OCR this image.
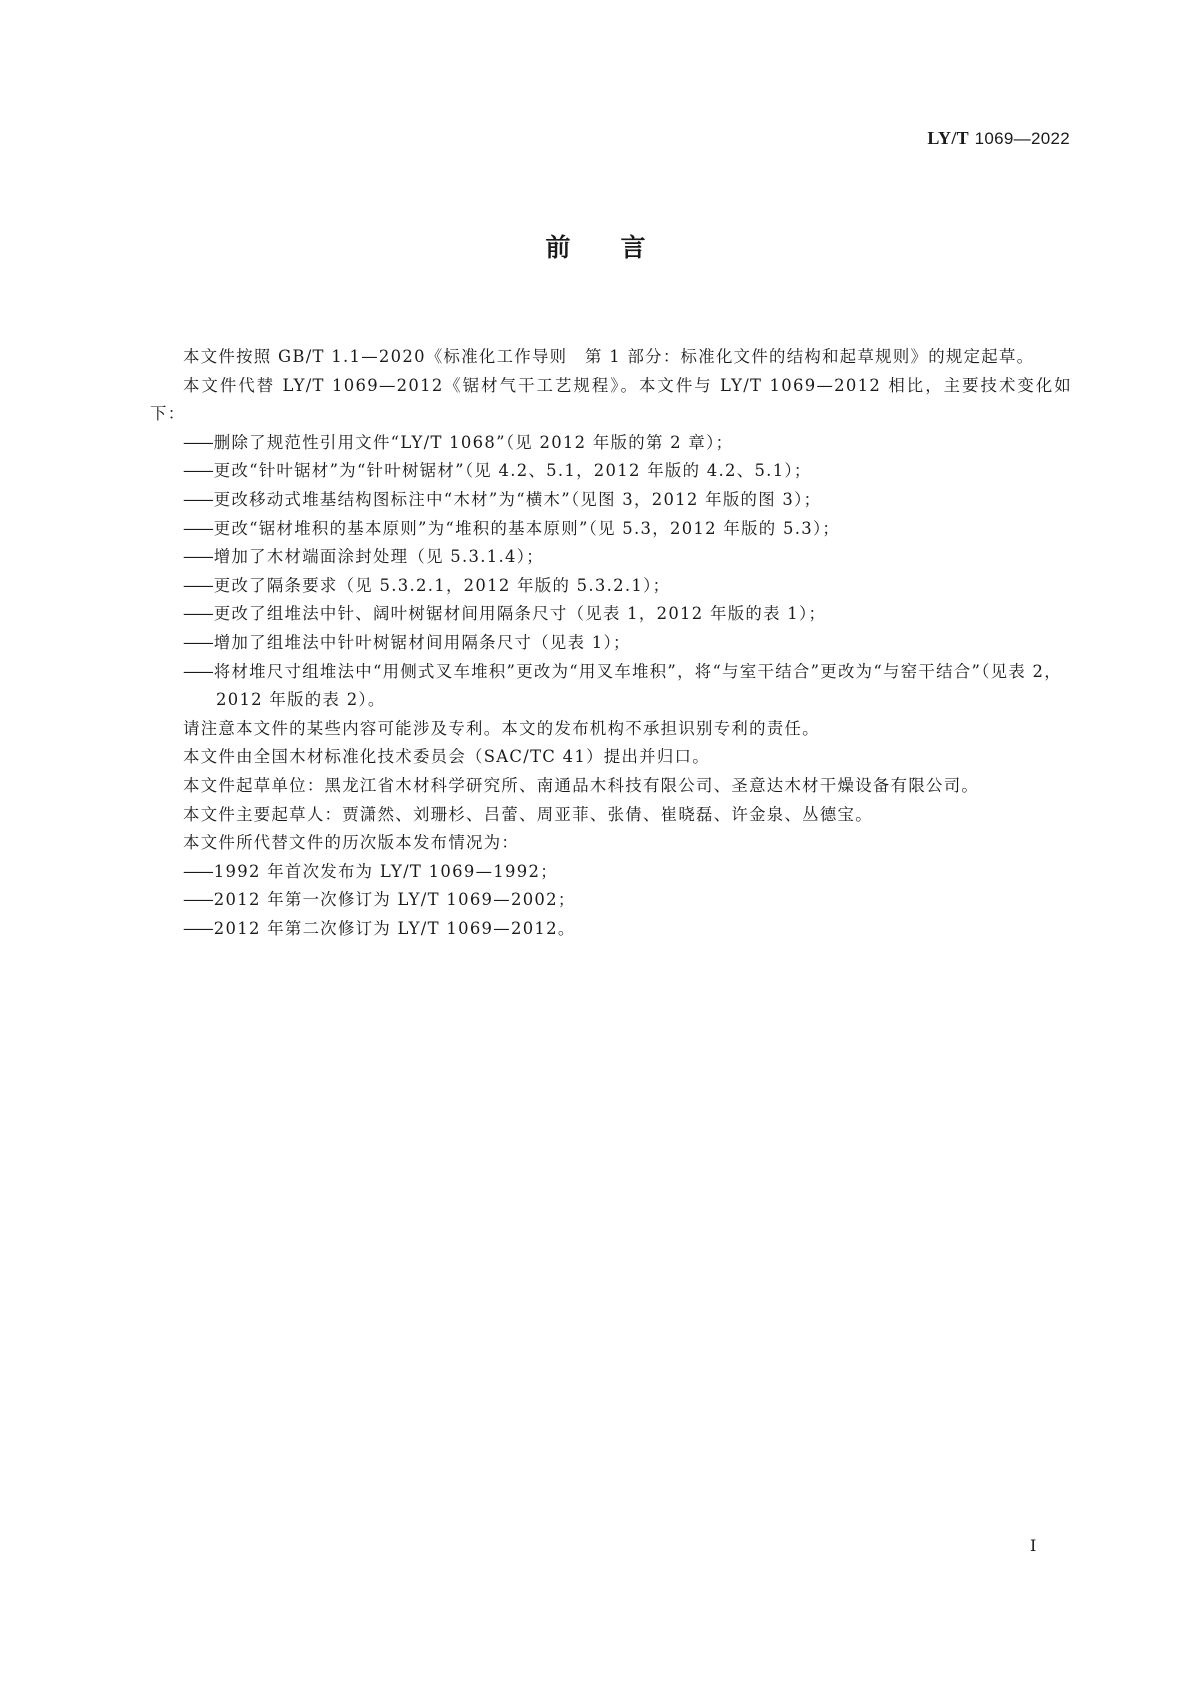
LY/T 1069—2022
前言

本文件按照 GB/T 1.1—2020《标准化工作导则　第 1 部分：标准化文件的结构和起草规则》的规定起草。

本文件代替 LY/T 1069—2012《锯材气干工艺规程》。本文件与 LY/T 1069—2012 相比，主要技术变化如下：

—— 删除了规范性引用文件“LY/T 1068”（见 2012 年版的第 2 章）；

—— 更改“针叶锯材”为“针叶树锯材”（见 4.2、5.1，2012 年版的 4.2、5.1）；

—— 更改移动式堆基结构图标注中“木材”为“横木”（见图 3，2012 年版的图 3）；

—— 更改“锯材堆积的基本原则”为“堆积的基本原则”（见 5.3，2012 年版的 5.3）；

—— 增加了木材端面涂封处理（见 5.3.1.4）；

—— 更改了隔条要求（见 5.3.2.1，2012 年版的 5.3.2.1）；

—— 更改了组堆法中针、阔叶树锯材间用隔条尺寸（见表 1，2012 年版的表 1）；

—— 增加了组堆法中针叶树锯材间用隔条尺寸（见表 1）；

—— 将材堆尺寸组堆法中“用侧式叉车堆积”更改为“用叉车堆积”，将“与室干结合”更改为“与窑干结合”（见表 2，2012 年版的表 2）。

请注意本文件的某些内容可能涉及专利。本文的发布机构不承担识别专利的责任。

本文件由全国木材标准化技术委员会（SAC/TC 41）提出并归口。

本文件起草单位：黑龙江省木材科学研究所、南通品木科技有限公司、圣意达木材干燥设备有限公司。

本文件主要起草人：贾潇然、刘珊杉、吕蕾、周亚菲、张倩、崔晓磊、许金泉、丛德宝。

本文件所代替文件的历次版本发布情况为：

—— 1992 年首次发布为 LY/T 1069—1992；

—— 2012 年第一次修订为 LY/T 1069—2002；

—— 2012 年第二次修订为 LY/T 1069—2012。

I
